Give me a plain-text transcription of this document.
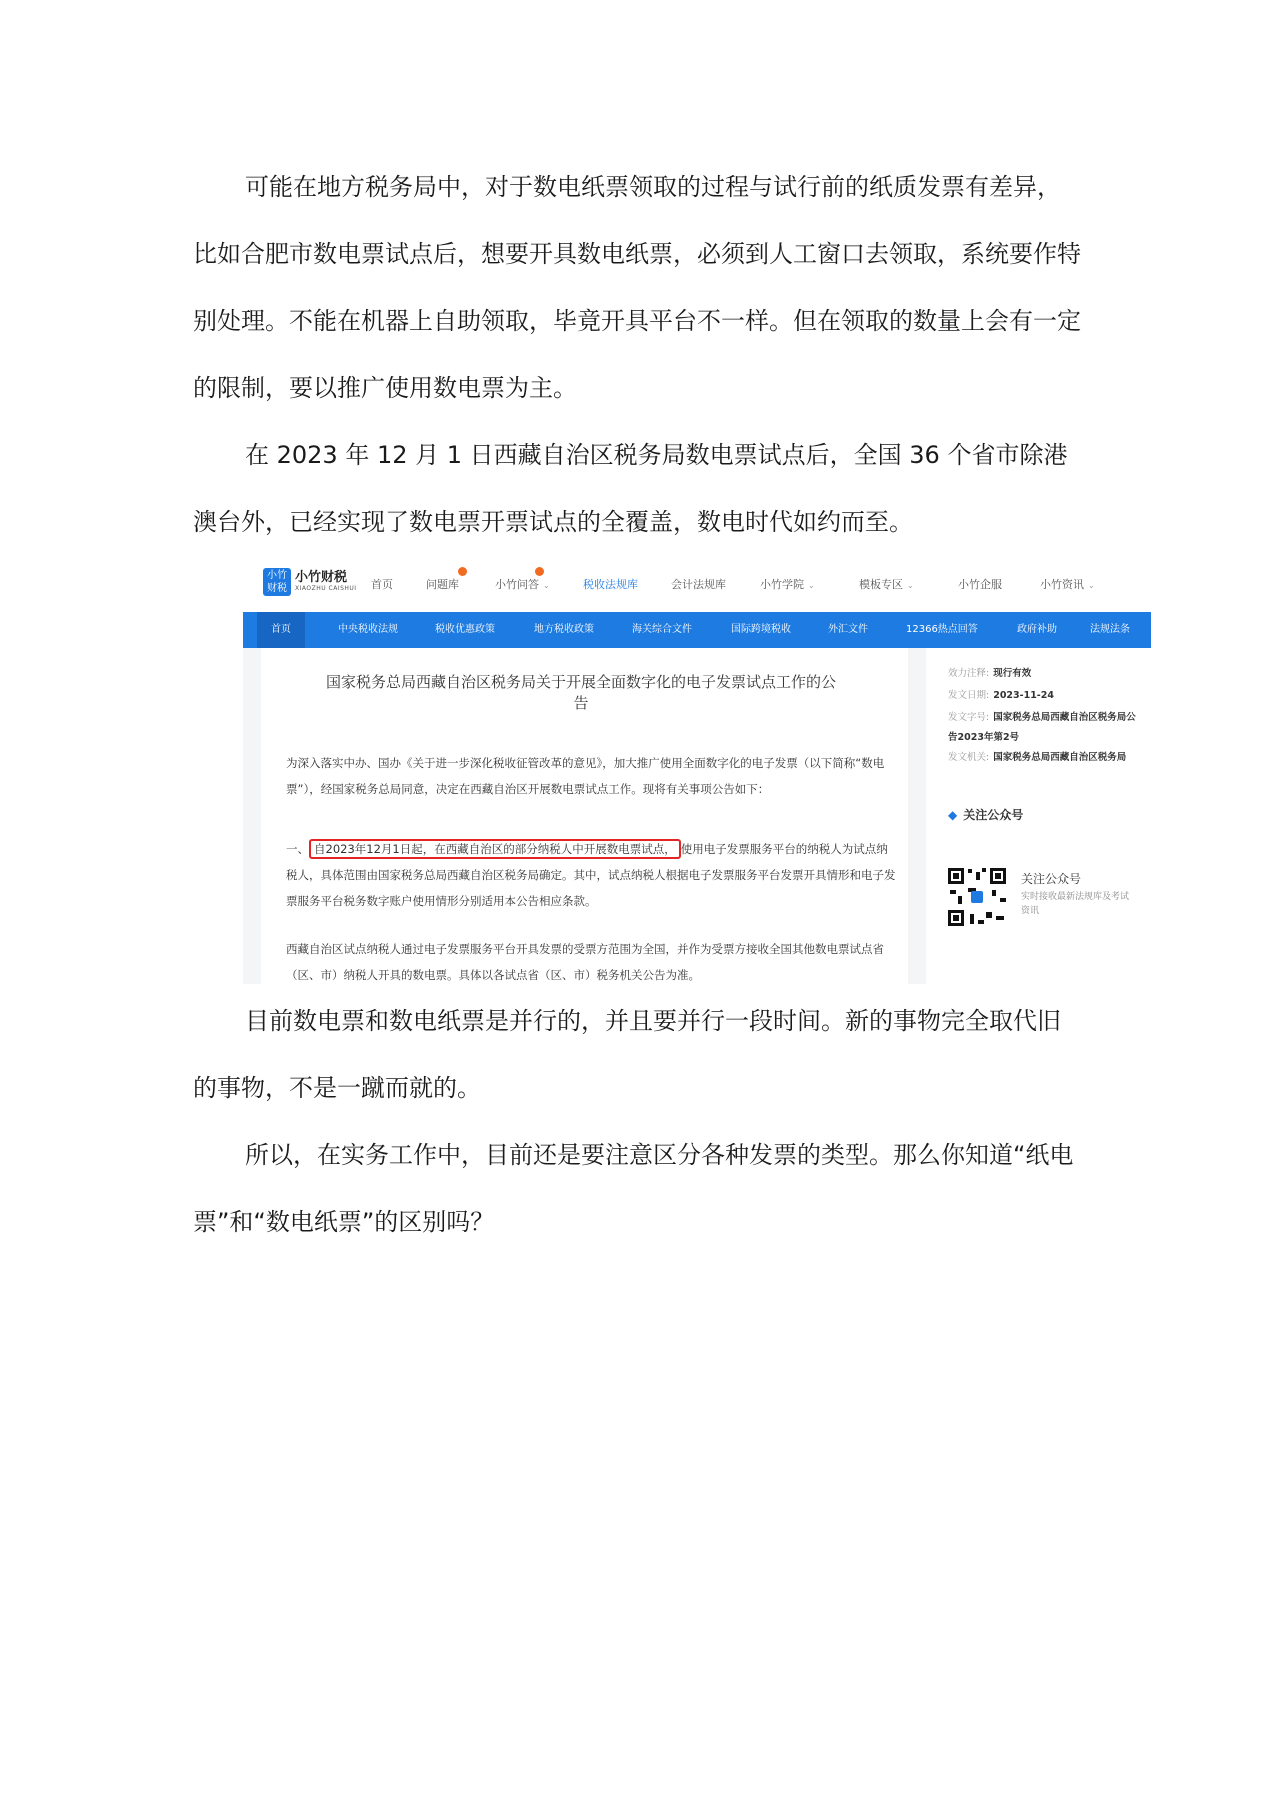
可能在地方税务局中，对于数电纸票领取的过程与试行前的纸质发票有差异，比如合肥市数电票试点后，想要开具数电纸票，必须到人工窗口去领取，系统要作特别处理。不能在机器上自助领取，毕竟开具平台不一样。但在领取的数量上会有一定的限制，要以推广使用数电票为主。

在 2023 年 12 月 1 日西藏自治区税务局数电票试点后，全国 36 个省市除港澳台外，已经实现了数电票开票试点的全覆盖，数电时代如约而至。

小竹 财税
小竹财税
XIAOZHU CAISHUI 首页	问题库	小竹问答 ⌄	税收法规库	会计法规库	小竹学院 ⌄	模板专区 ⌄	小竹企服	小竹资讯 ⌄
首页	中央税收法规	税收优惠政策	地方税收政策	海关综合文件	国际跨境税收	外汇文件	12366热点回答	政府补助	法规法条
国家税务总局西藏自治区税务局关于开展全面数字化的电子发票试点工作的公告
为深入落实中办、国办《关于进一步深化税收征管改革的意见》，加大推广使用全面数字化的电子发票（以下简称“数电票”），经国家税务总局同意，决定在西藏自治区开展数电票试点工作。现将有关事项公告如下：
一、 自2023年12月1日起，在西藏自治区的部分纳税人中开展数电票试点， 使用电子发票服务平台的纳税人为试点纳税人，具体范围由国家税务总局西藏自治区税务局确定。其中，试点纳税人根据电子发票服务平台发票开具情形和电子发票服务平台税务数字账户使用情形分别适用本公告相应条款。
西藏自治区试点纳税人通过电子发票服务平台开具发票的受票方范围为全国，并作为受票方接收全国其他数电票试点省（区、市）纳税人开具的数电票。具体以各试点省（区、市）税务机关公告为准。
效力注释: 现行有效
发文日期: 2023-11-24
发文字号: 国家税务总局西藏自治区税务局公告2023年第2号
发文机关: 国家税务总局西藏自治区税务局
◆ 关注公众号
关注公众号
实时接收最新法规库及考试资讯

目前数电票和数电纸票是并行的，并且要并行一段时间。新的事物完全取代旧的事物，不是一蹴而就的。

所以，在实务工作中，目前还是要注意区分各种发票的类型。那么你知道“纸电票”和“数电纸票”的区别吗？
